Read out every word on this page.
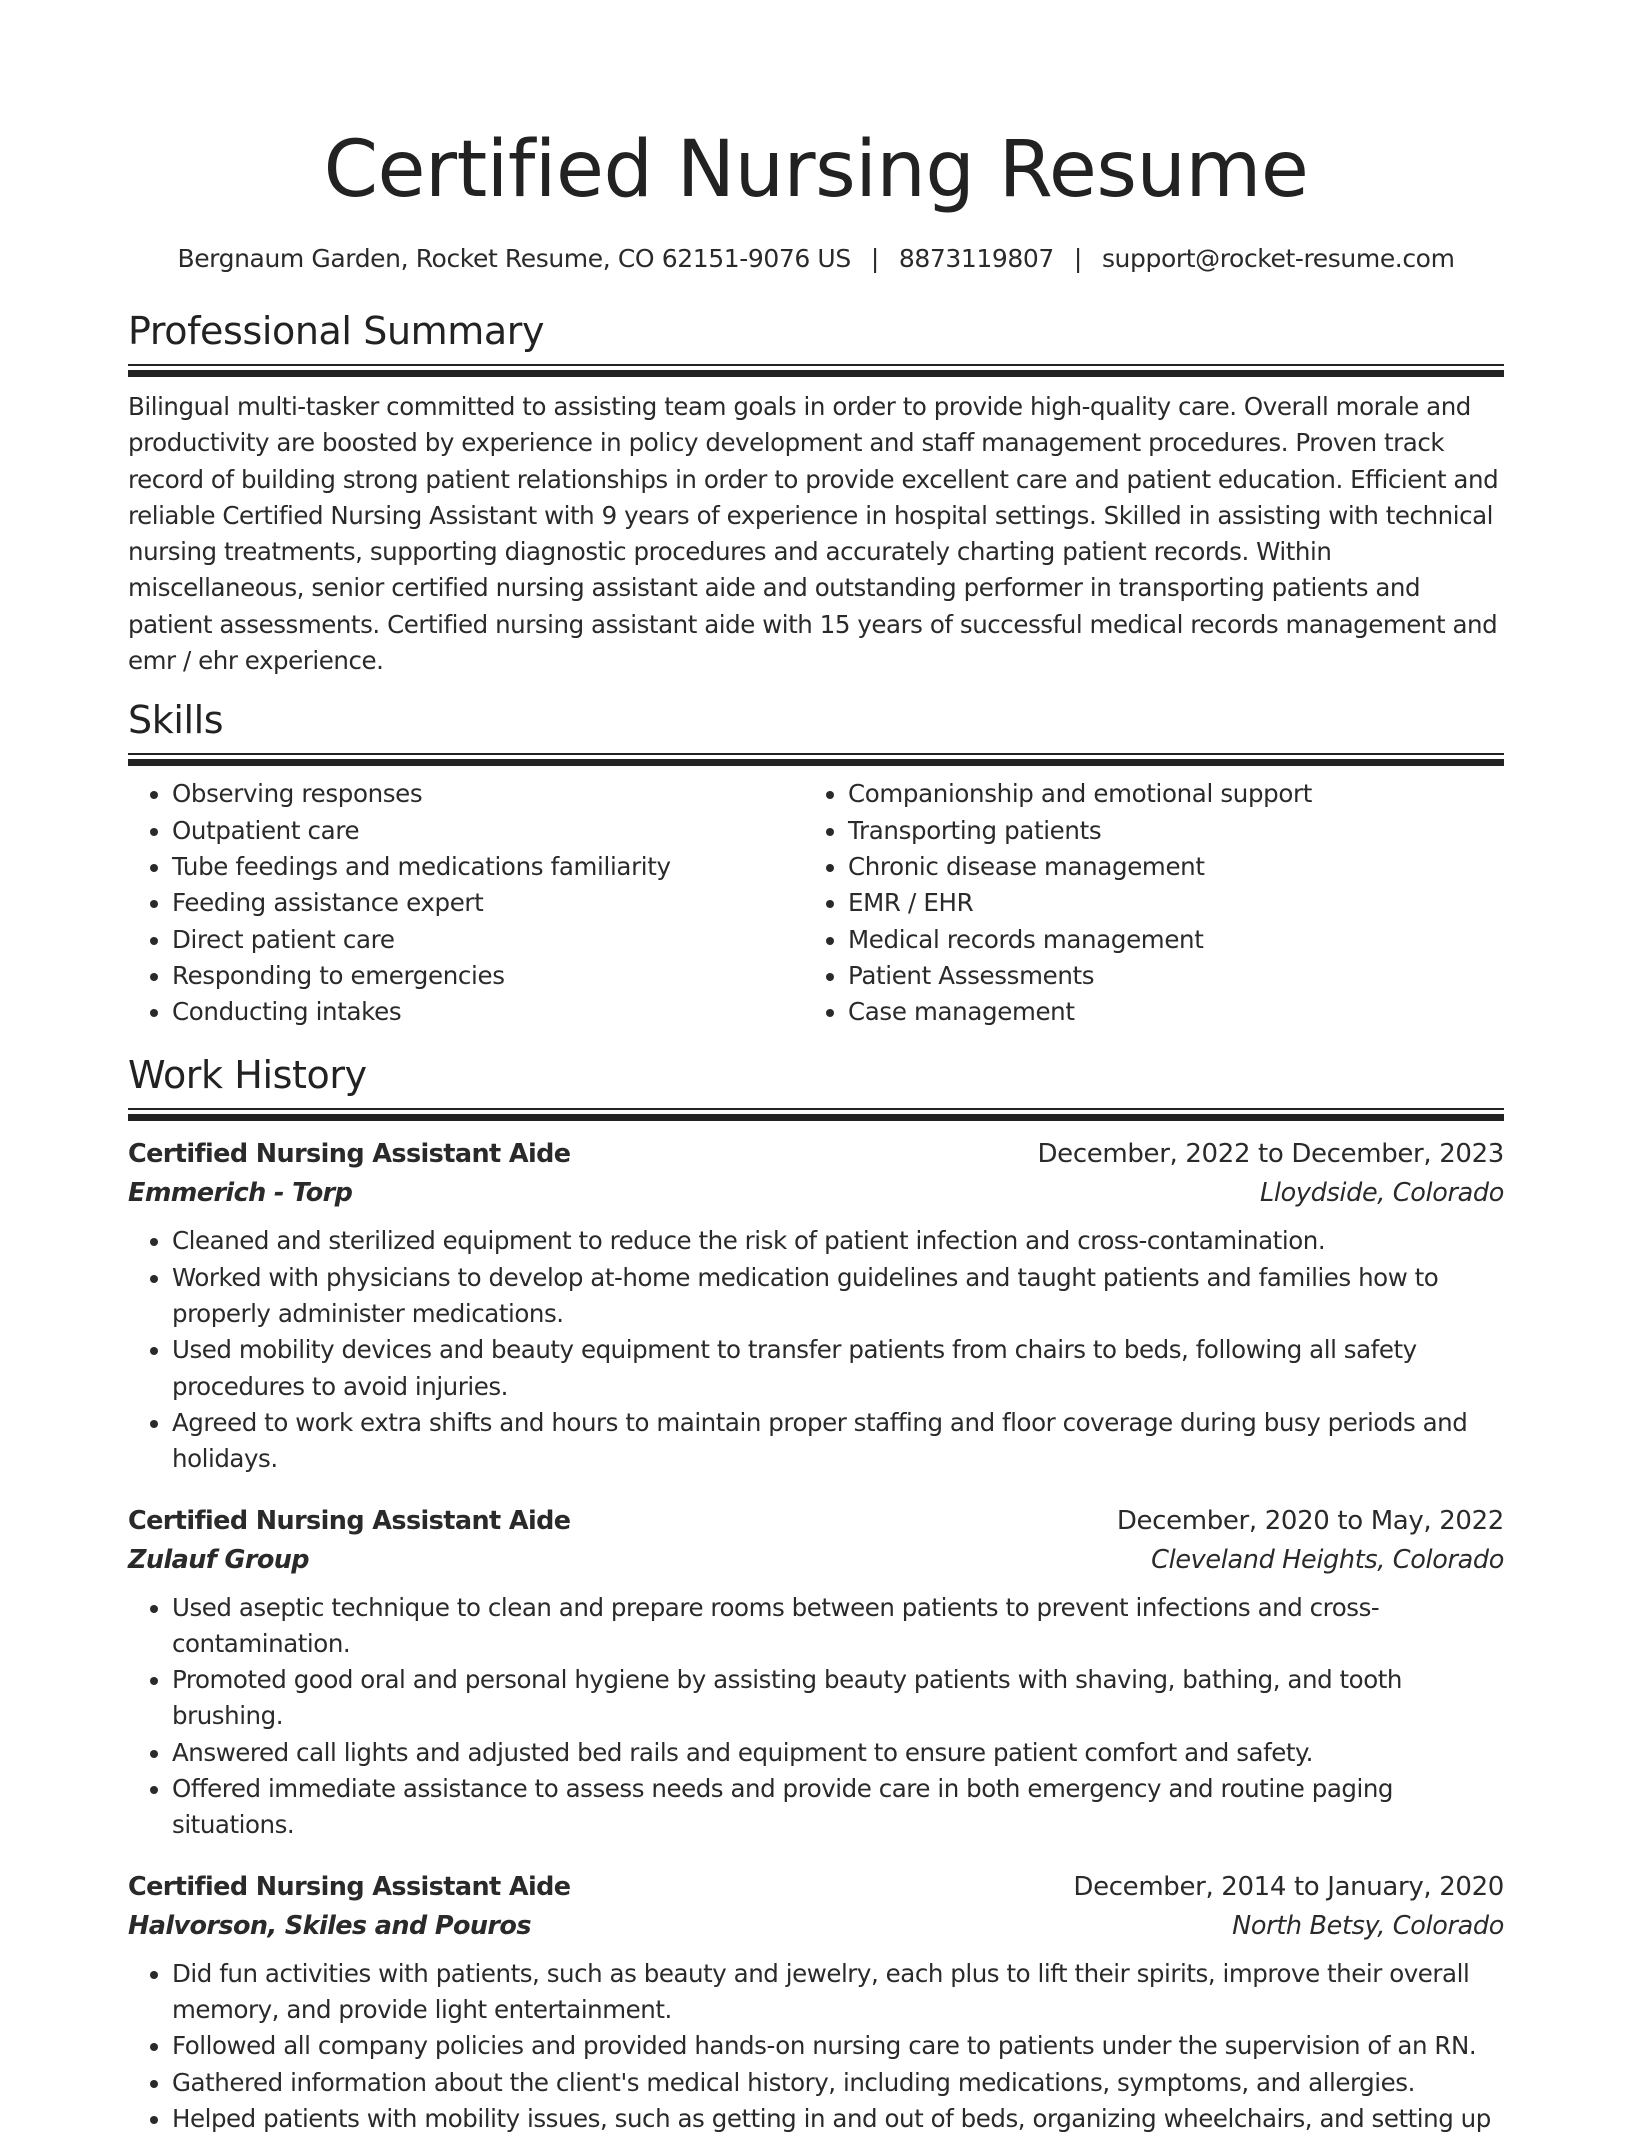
Certified Nursing Resume
Bergnaum Garden, Rocket Resume, CO 62151-9076 US | 8873119807 | support@rocket-resume.com
Professional Summary

Bilingual multi-tasker committed to assisting team goals in order to provide high-quality care. Overall morale and productivity are boosted by experience in policy development and staff management procedures. Proven track record of building strong patient relationships in order to provide excellent care and patient education. Efficient and reliable Certified Nursing Assistant with 9 years of experience in hospital settings. Skilled in assisting with technical nursing treatments, supporting diagnostic procedures and accurately charting patient records. Within miscellaneous, senior certified nursing assistant aide and outstanding performer in transporting patients and patient assessments. Certified nursing assistant aide with 15 years of successful medical records management and emr / ehr experience.

Skills
• Observing responses
• Outpatient care
• Tube feedings and medications familiarity
• Feeding assistance expert
• Direct patient care
• Responding to emergencies
• Conducting intakes
• Companionship and emotional support
• Transporting patients
• Chronic disease management
• EMR / EHR
• Medical records management
• Patient Assessments
• Case management
Work History
Certified Nursing Assistant Aide	December, 2022 to December, 2023
Emmerich - Torp	Lloydside, Colorado
• Cleaned and sterilized equipment to reduce the risk of patient infection and cross-contamination.
• Worked with physicians to develop at-home medication guidelines and taught patients and families how to properly administer medications.
• Used mobility devices and beauty equipment to transfer patients from chairs to beds, following all safety procedures to avoid injuries.
• Agreed to work extra shifts and hours to maintain proper staffing and floor coverage during busy periods and holidays.
Certified Nursing Assistant Aide	December, 2020 to May, 2022
Zulauf Group	Cleveland Heights, Colorado
• Used aseptic technique to clean and prepare rooms between patients to prevent infections and cross-contamination.
• Promoted good oral and personal hygiene by assisting beauty patients with shaving, bathing, and tooth brushing.
• Answered call lights and adjusted bed rails and equipment to ensure patient comfort and safety.
• Offered immediate assistance to assess needs and provide care in both emergency and routine paging situations.
Certified Nursing Assistant Aide	December, 2014 to January, 2020
Halvorson, Skiles and Pouros	North Betsy, Colorado
• Did fun activities with patients, such as beauty and jewelry, each plus to lift their spirits, improve their overall memory, and provide light entertainment.
• Followed all company policies and provided hands-on nursing care to patients under the supervision of an RN.
• Gathered information about the client's medical history, including medications, symptoms, and allergies.
• Helped patients with mobility issues, such as getting in and out of beds, organizing wheelchairs, and setting up
